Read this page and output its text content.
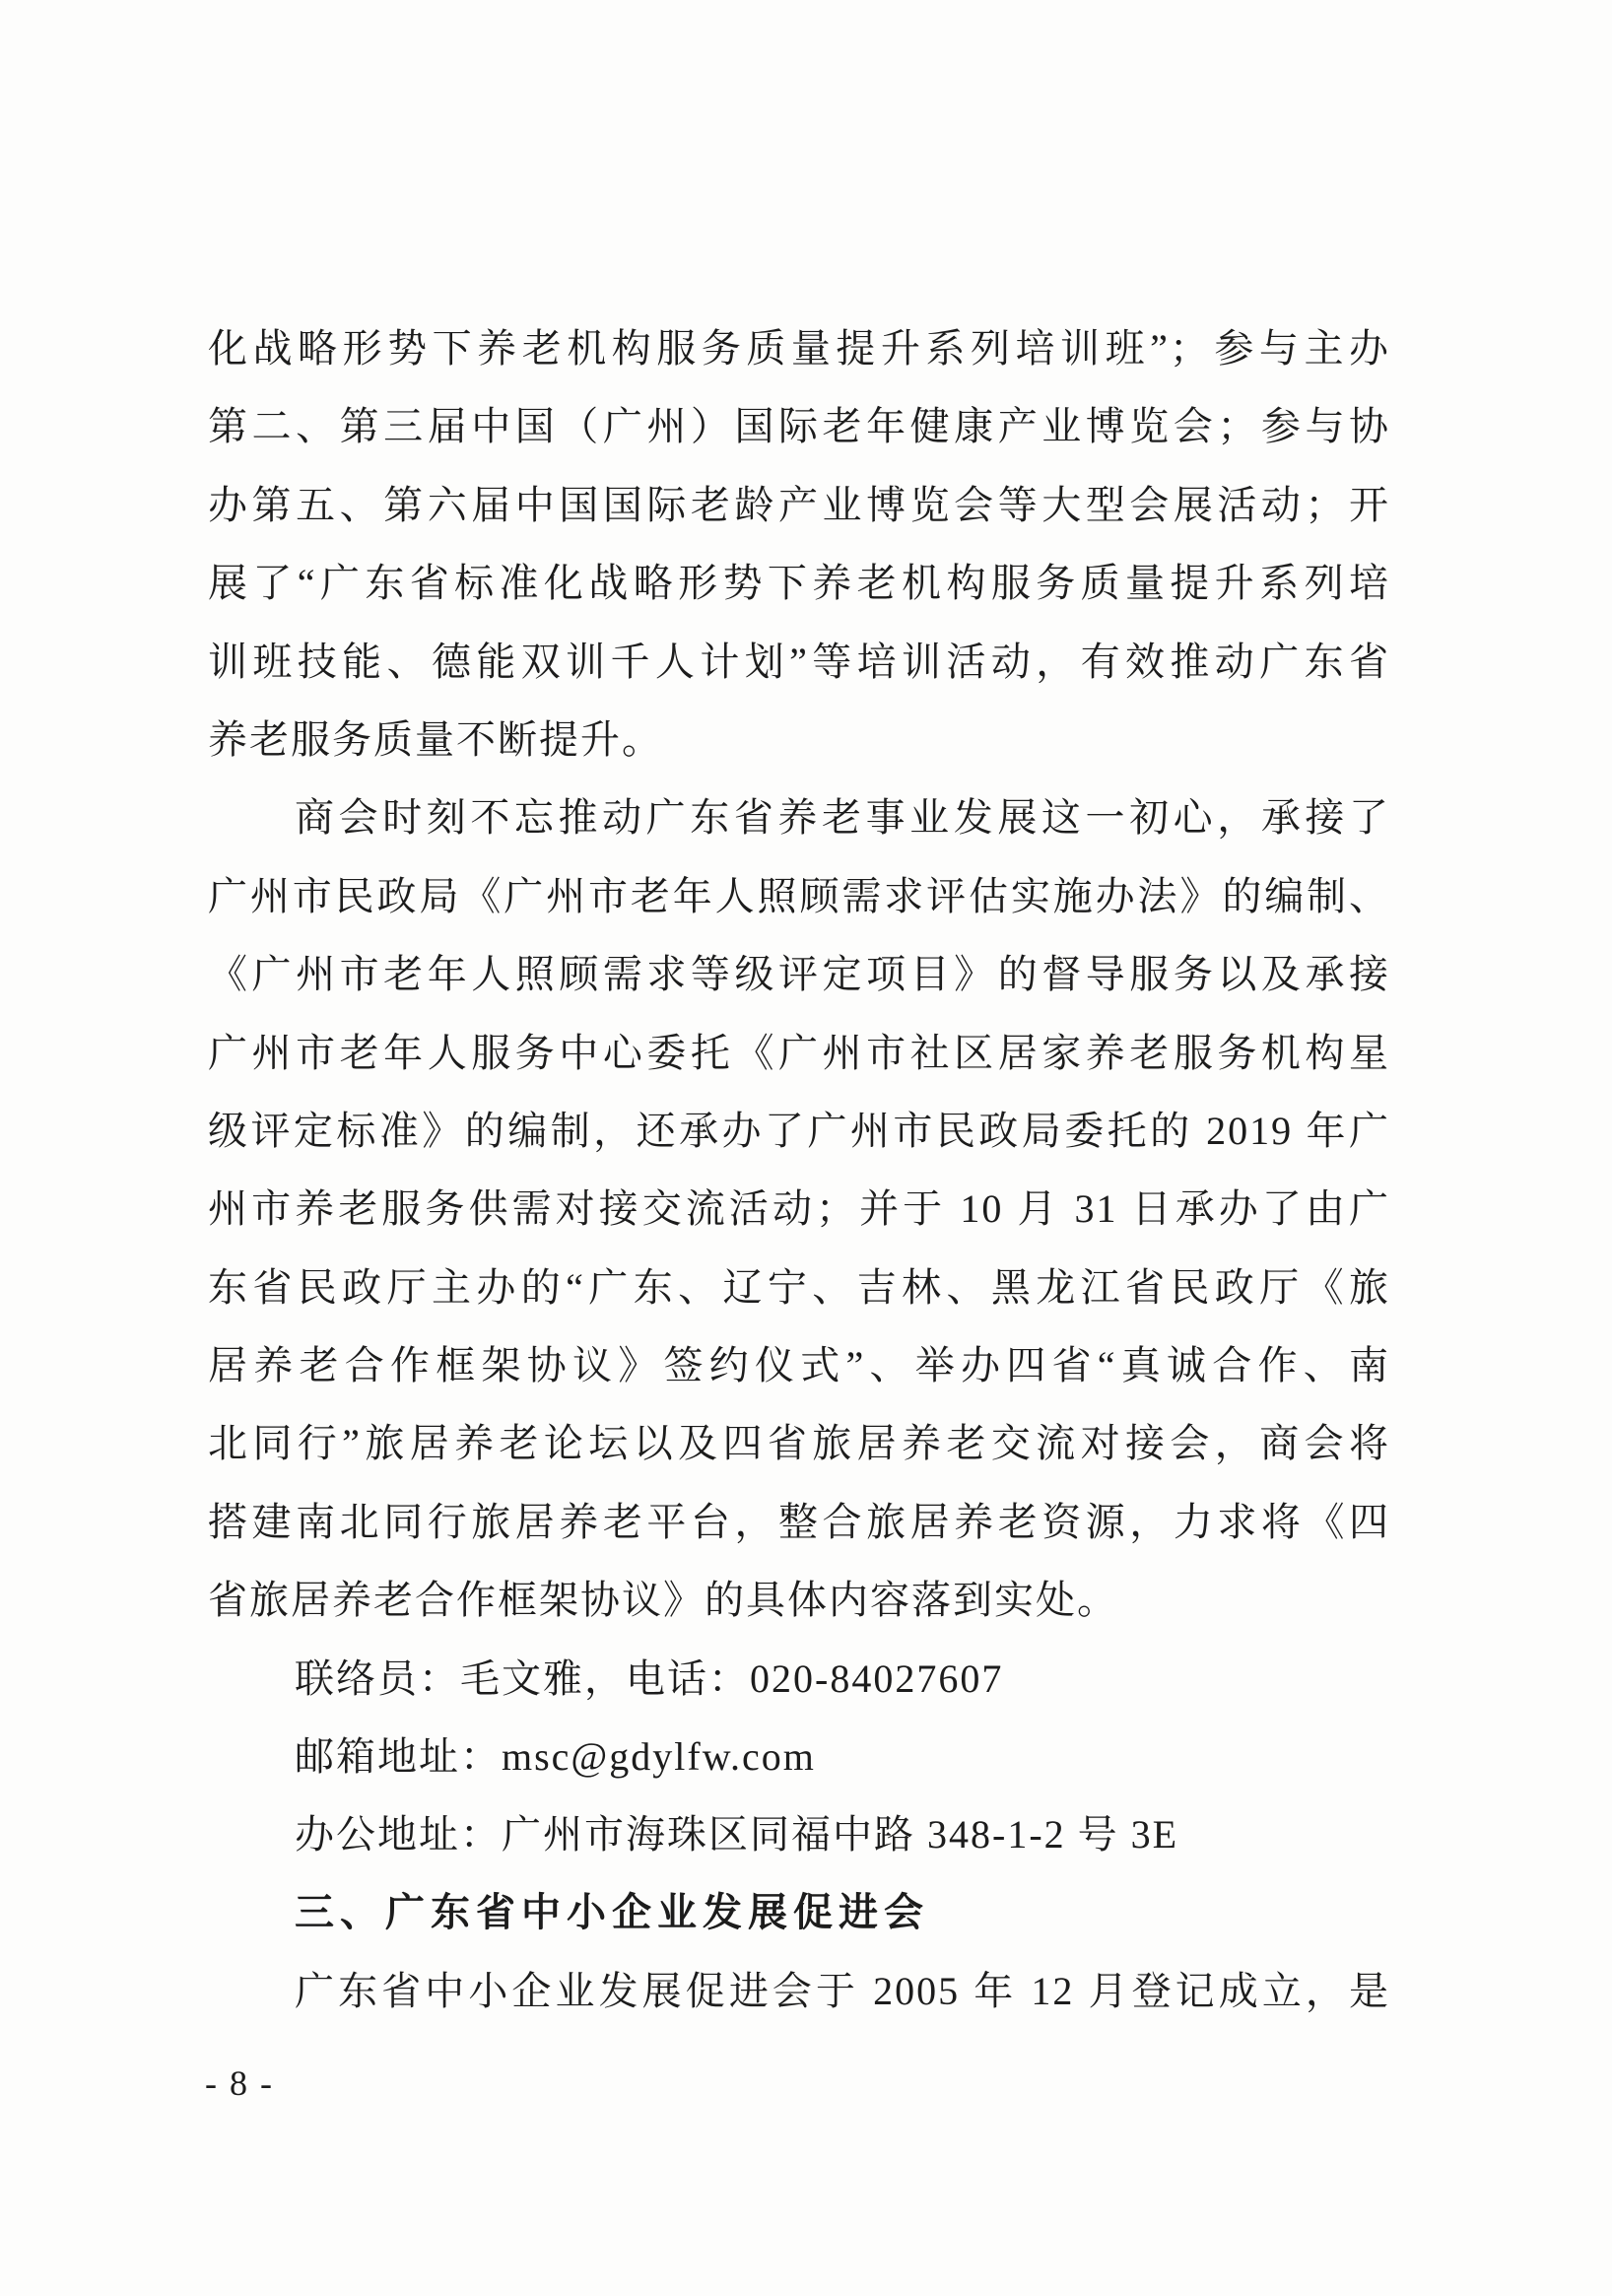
化战略形势下养老机构服务质量提升系列培训班”；参与主办
第二、第三届中国（广州）国际老年健康产业博览会；参与协
办第五、第六届中国国际老龄产业博览会等大型会展活动；开
展了“广东省标准化战略形势下养老机构服务质量提升系列培
训班技能、德能双训千人计划”等培训活动，有效推动广东省
养老服务质量不断提升。
商会时刻不忘推动广东省养老事业发展这一初心，承接了
广州市民政局《广州市老年人照顾需求评估实施办法》的编制、
《广州市老年人照顾需求等级评定项目》的督导服务以及承接
广州市老年人服务中心委托《广州市社区居家养老服务机构星
级评定标准》的编制，还承办了广州市民政局委托的 2019 年广
州市养老服务供需对接交流活动；并于 10 月 31 日承办了由广
东省民政厅主办的“广东、辽宁、吉林、黑龙江省民政厅《旅
居养老合作框架协议》签约仪式”、举办四省“真诚合作、南
北同行”旅居养老论坛以及四省旅居养老交流对接会，商会将
搭建南北同行旅居养老平台，整合旅居养老资源，力求将《四
省旅居养老合作框架协议》的具体内容落到实处。
联络员：毛文雅，电话：020-84027607
邮箱地址：msc@gdylfw.com
办公地址：广州市海珠区同福中路 348-1-2 号 3E
三、广东省中小企业发展促进会
广东省中小企业发展促进会于 2005 年 12 月登记成立，是
- 8 -
